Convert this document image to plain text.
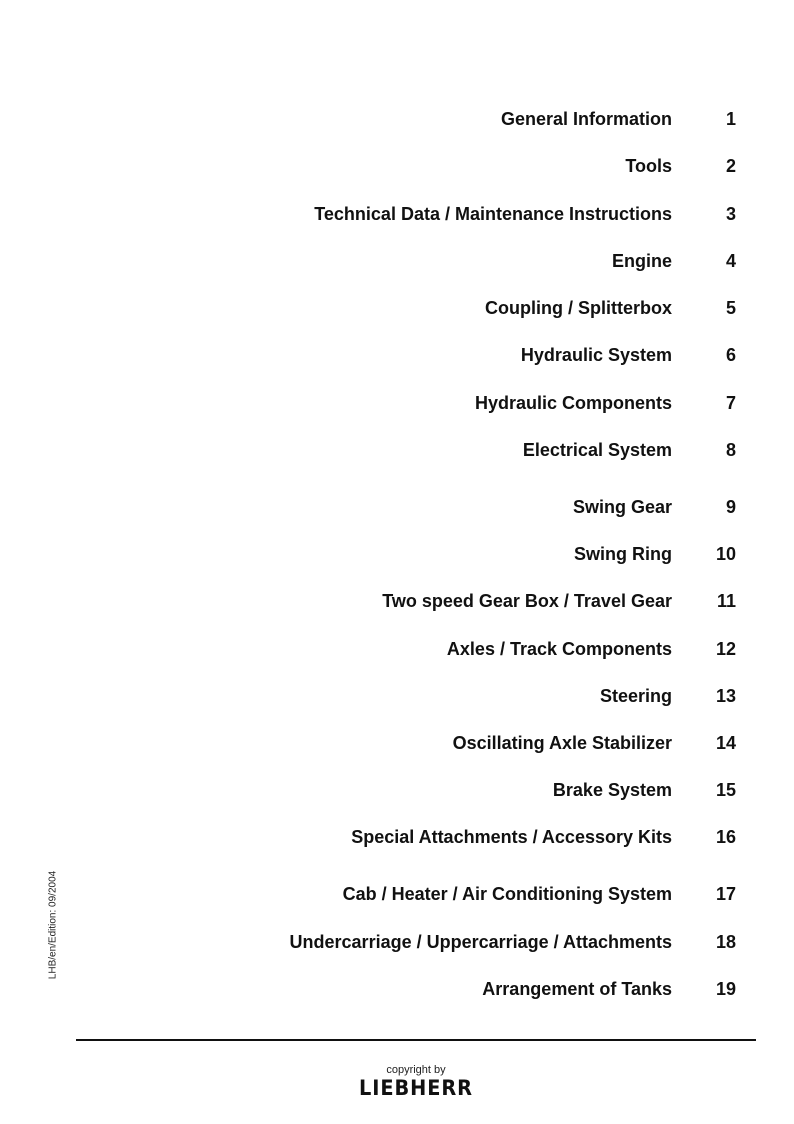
General Information	1
Tools	2
Technical Data / Maintenance Instructions	3
Engine	4
Coupling / Splitterbox	5
Hydraulic System	6
Hydraulic Components	7
Electrical System	8
Swing Gear	9
Swing Ring 10
Two speed Gear Box / Travel Gear 11
Axles / Track Components 12
Steering 13
Oscillating Axle Stabilizer 14
Brake System 15
Special Attachments / Accessory Kits 16
Cab / Heater / Air Conditioning System 17
Undercarriage / Uppercarriage / Attachments 18
Arrangement of Tanks 19
LHB/en/Edition: 09/2004
copyright by
LIEBHERR
